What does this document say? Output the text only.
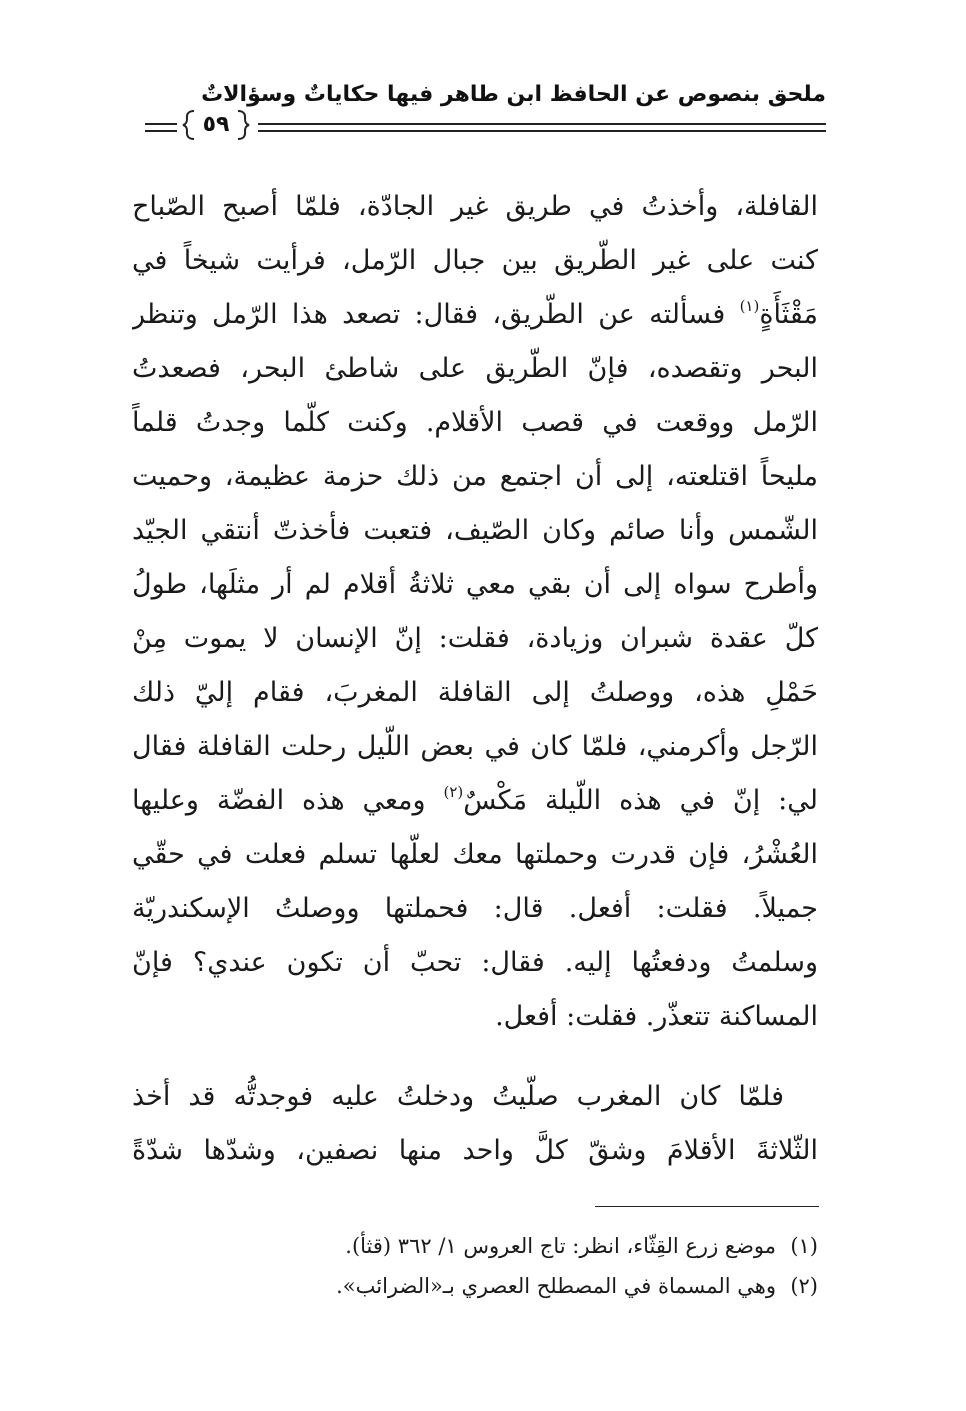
ملحق بنصوص عن الحافظ ابن طاهر فيها حكاياتٌ وسؤالاتٌ
٥٩
القافلة، وأخذتُ في طريق غير الجادّة، فلمّا أصبح الصّباح
كنت على غير الطّريق بين جبال الرّمل، فرأيت شيخاً في
مَقْثَأَةٍ$^{(١)}$ فسألته عن الطّريق، فقال: تصعد هذا الرّمل وتنظر
البحر وتقصده، فإنّ الطّريق على شاطئ البحر، فصعدتُ
الرّمل ووقعت في قصب الأقلام. وكنت كلّما وجدتُ قلماً
مليحاً اقتلعته، إلى أن اجتمع من ذلك حزمة عظيمة، وحميت
الشّمس وأنا صائم وكان الصّيف، فتعبت فأخذتّ أنتقي الجيّد
وأطرح سواه إلى أن بقي معي ثلاثةُ أقلام لم أر مثلَها، طولُ
كلّ عقدة شبران وزيادة، فقلت: إنّ الإنسان لا يموت مِنْ
حَمْلِ هذه، ووصلتُ إلى القافلة المغربَ، فقام إليّ ذلك
الرّجل وأكرمني، فلمّا كان في بعض اللّيل رحلت القافلة فقال
لي: إنّ في هذه اللّيلة مَكْسٌ$^{(٢)}$ ومعي هذه الفضّة وعليها
العُشْرُ، فإن قدرت وحملتها معك لعلّها تسلم فعلت في حقّي
جميلاً. فقلت: أفعل. قال: فحملتها ووصلتُ الإسكندريّة
وسلمتُ ودفعتُها إليه. فقال: تحبّ أن تكون عندي؟ فإنّ
المساكنة تتعذّر. فقلت: أفعل.
فلمّا كان المغرب صلّيتُ ودخلتُ عليه فوجدتُّه قد أخذ
الثّلاثةَ الأقلامَ وشقّ كلَّ واحد منها نصفين، وشدّها شدّةً
(١)موضع زرع القِثّاء، انظر: تاج العروس ١/ ٣٦٢ (قثأ).
(٢)وهي المسماة في المصطلح العصري بـ«الضرائب».
